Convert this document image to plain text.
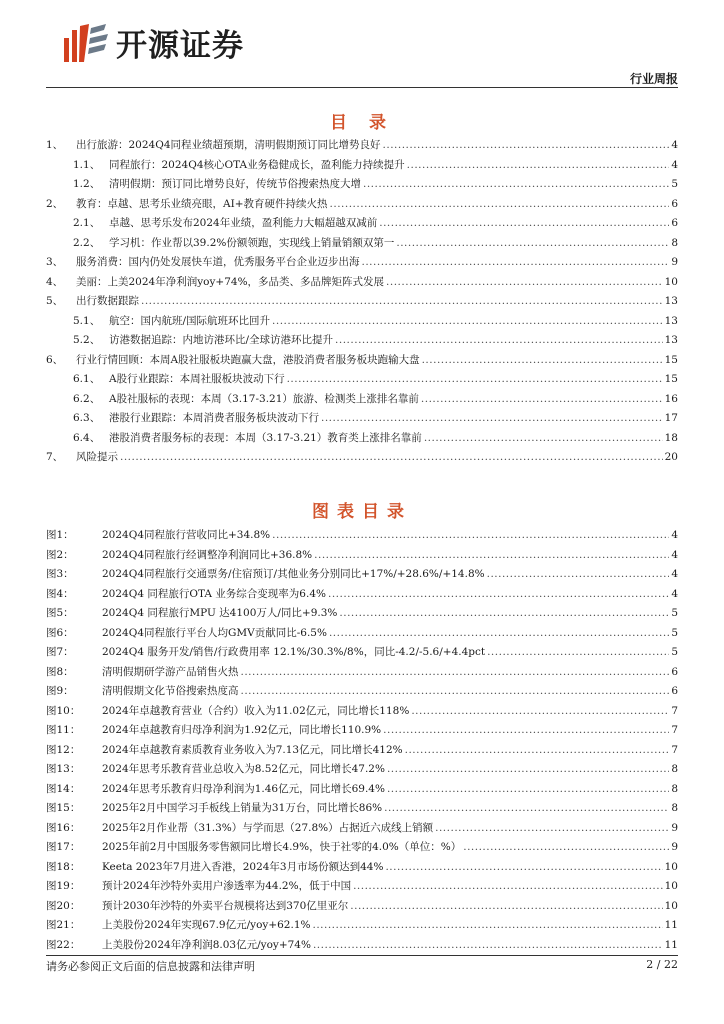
开源证券
行业周报
目 录
1、	出行旅游：2024Q4同程业绩超预期，清明假期预订同比增势良好 .....	4
1.1、 同程旅行：2024Q4核心OTA业务稳健成长，盈利能力持续提升 .....	4
1.2、 清明假期：预订同比增势良好，传统节俗搜索热度大增 .....	5
2、	教育：卓越、思考乐业绩亮眼，AI+教育硬件持续火热 .....	6
2.1、 卓越、思考乐发布2024年业绩，盈利能力大幅超越双减前 .....	6
2.2、 学习机：作业帮以39.2%份额领跑，实现线上销量销额双第一 .....	8
3、	服务消费：国内仍处发展快车道，优秀服务平台企业迈步出海 .....	9
4、	美丽：上美2024年净利润yoy+74%，多品类、多品牌矩阵式发展 .....	10
5、	出行数据跟踪 .....	13
5.1、 航空：国内航班/国际航班环比回升 .....	13
5.2、 访港数据追踪：内地访港环比/全球访港环比提升 .....	13
6、	行业行情回顾：本周A股社服板块跑赢大盘，港股消费者服务板块跑输大盘 .....	15
6.1、 A股行业跟踪：本周社服板块波动下行 .....	15
6.2、 A股社服标的表现：本周（3.17-3.21）旅游、检测类上涨排名靠前 .....	16
6.3、 港股行业跟踪：本周消费者服务板块波动下行 .....	17
6.4、 港股消费者服务标的表现：本周（3.17-3.21）教育类上涨排名靠前 .....	18
7、	风险提示 .....	20
图表目录
图1：	2024Q4同程旅行营收同比+34.8% .....	4
图2：	2024Q4同程旅行经调整净利润同比+36.8% .....	4
图3：	2024Q4同程旅行交通票务/住宿预订/其他业务分别同比+17%/+28.6%/+14.8% .....	4
图4：	2024Q4 同程旅行OTA 业务综合变现率为6.4% .....	4
图5：	2024Q4 同程旅行MPU 达4100万人/同比+9.3% .....	5
图6：	2024Q4同程旅行平台人均GMV贡献同比-6.5% .....	5
图7：	2024Q4 服务开发/销售/行政费用率 12.1%/30.3%/8%，同比-4.2/-5.6/+4.4pct .....	5
图8：	清明假期研学游产品销售火热 .....	6
图9：	清明假期文化节俗搜索热度高 .....	6
图10：	2024年卓越教育营业（合约）收入为11.02亿元，同比增长118% .....	7
图11：	2024年卓越教育归母净利润为1.92亿元，同比增长110.9% .....	7
图12：	2024年卓越教育素质教育业务收入为7.13亿元，同比增长412% .....	7
图13：	2024年思考乐教育营业总收入为8.52亿元，同比增长47.2% .....	8
图14：	2024年思考乐教育归母净利润为1.46亿元，同比增长69.4% .....	8
图15：	2025年2月中国学习手板线上销量为31万台，同比增长86% .....	8
图16：	2025年2月作业帮（31.3%）与学而思（27.8%）占据近六成线上销额 .....	9
图17：	2025年前2月中国服务零售额同比增长4.9%，快于社零的4.0%（单位：%） .....	9
图18：	Keeta 2023年7月进入香港，2024年3月市场份额达到44% .....	10
图19：	预计2024年沙特外卖用户渗透率为44.2%，低于中国 .....	10
图20：	预计2030年沙特的外卖平台规模将达到370亿里亚尔 .....	10
图21：	上美股份2024年实现67.9亿元/yoy+62.1% .....	11
图22：	上美股份2024年净利润8.03亿元/yoy+74% .....	11
请务必参阅正文后面的信息披露和法律声明	2 / 22
